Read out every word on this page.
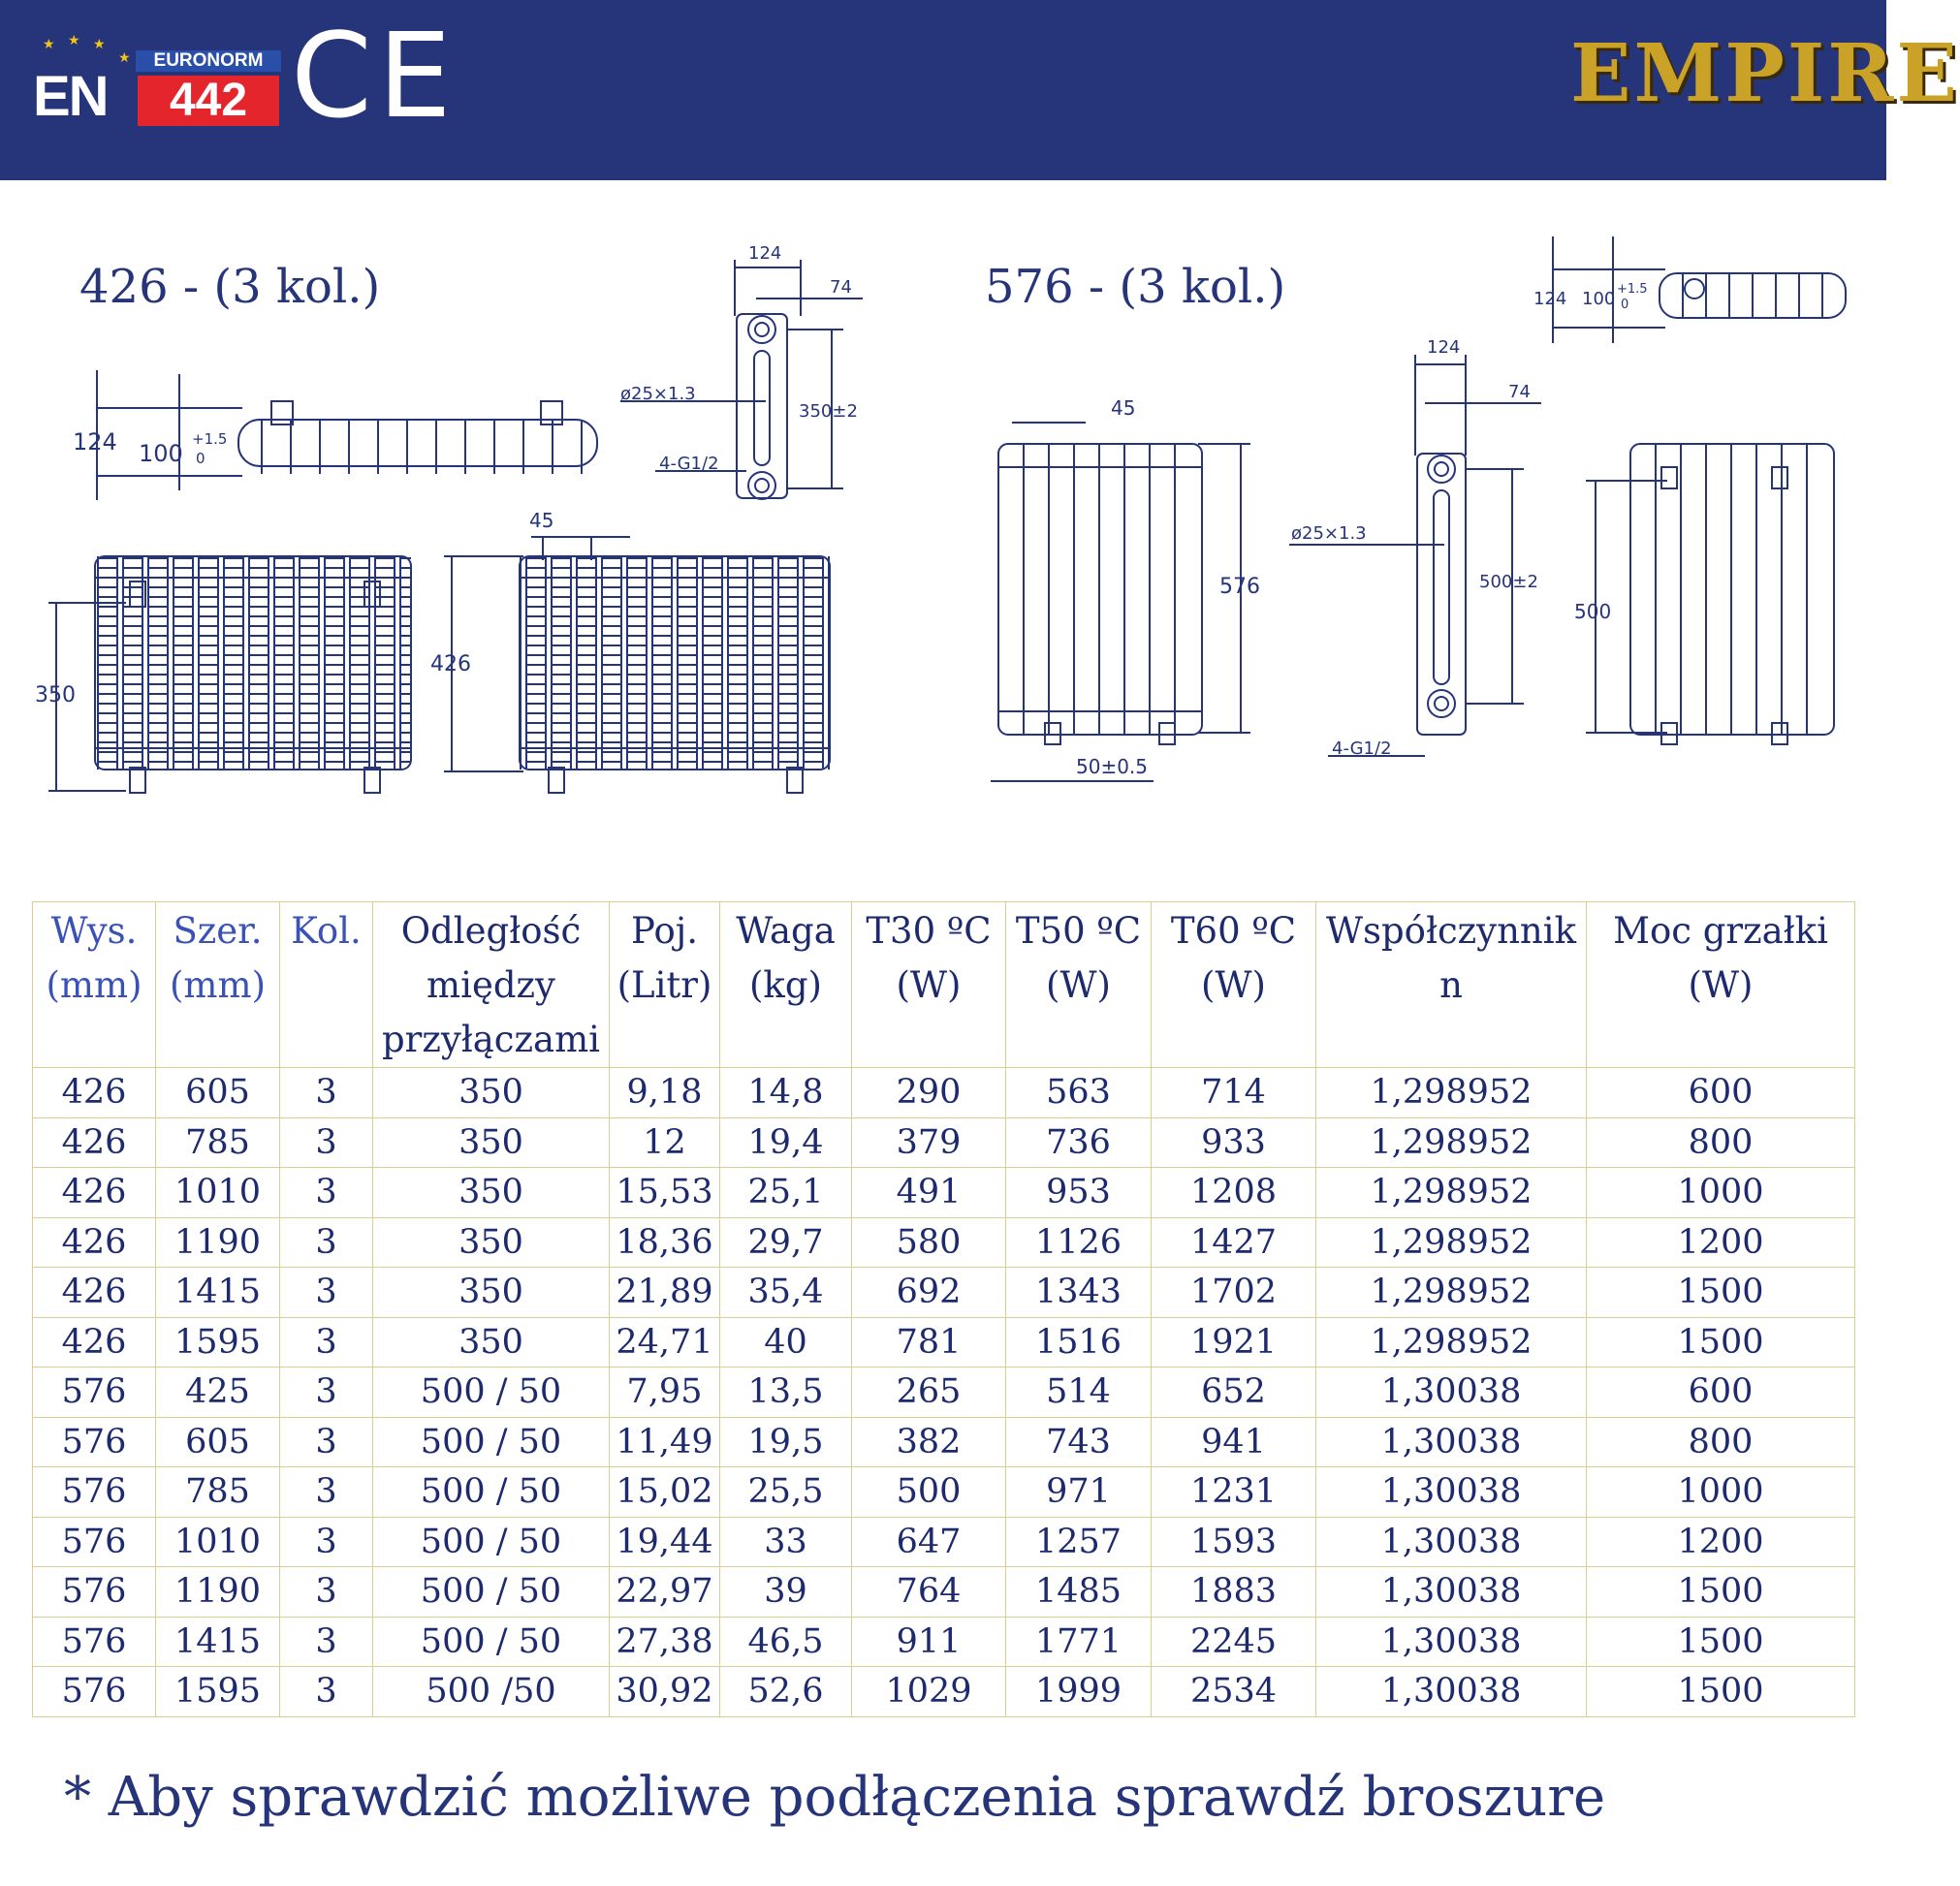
★ ★ ★
★
EN
EURONORM
442 CE	EMPIRE
426 - (3 kol.)	576 - (3 kol.)
124 100
+1.5
0
124
74
350±2
ø25×1.3
4-G1/2
350
426
45
124 100 +1.5
0
45
576
50±0.5
124
74
500±2
ø25×1.3
4-G1/2
500
Wys. (mm)	Szer. (mm)	Kol.	Odległość między przyłączami	Poj. (Litr)	Waga (kg)	T30 ºC (W)	T50 ºC (W)	T60 ºC (W)	Współczynnik n	Moc grzałki (W)
426	605	3	350	9,18	14,8	290	563	714	1,298952	600
426	785	3	350	12	19,4	379	736	933	1,298952	800
426	1010	3	350	15,53	25,1	491	953	1208	1,298952	1000
426	1190	3	350	18,36	29,7	580	1126	1427	1,298952	1200
426	1415	3	350	21,89	35,4	692	1343	1702	1,298952	1500
426	1595	3	350	24,71	40	781	1516	1921	1,298952	1500
576	425	3	500 / 50	7,95	13,5	265	514	652	1,30038	600
576	605	3	500 / 50	11,49	19,5	382	743	941	1,30038	800
576	785	3	500 / 50	15,02	25,5	500	971	1231	1,30038	1000
576	1010	3	500 / 50	19,44	33	647	1257	1593	1,30038	1200
576	1190	3	500 / 50	22,97	39	764	1485	1883	1,30038	1500
576	1415	3	500 / 50	27,38	46,5	911	1771	2245	1,30038	1500
576	1595	3	500 /50	30,92	52,6	1029	1999	2534	1,30038	1500
* Aby sprawdzić możliwe podłączenia sprawdź broszure
